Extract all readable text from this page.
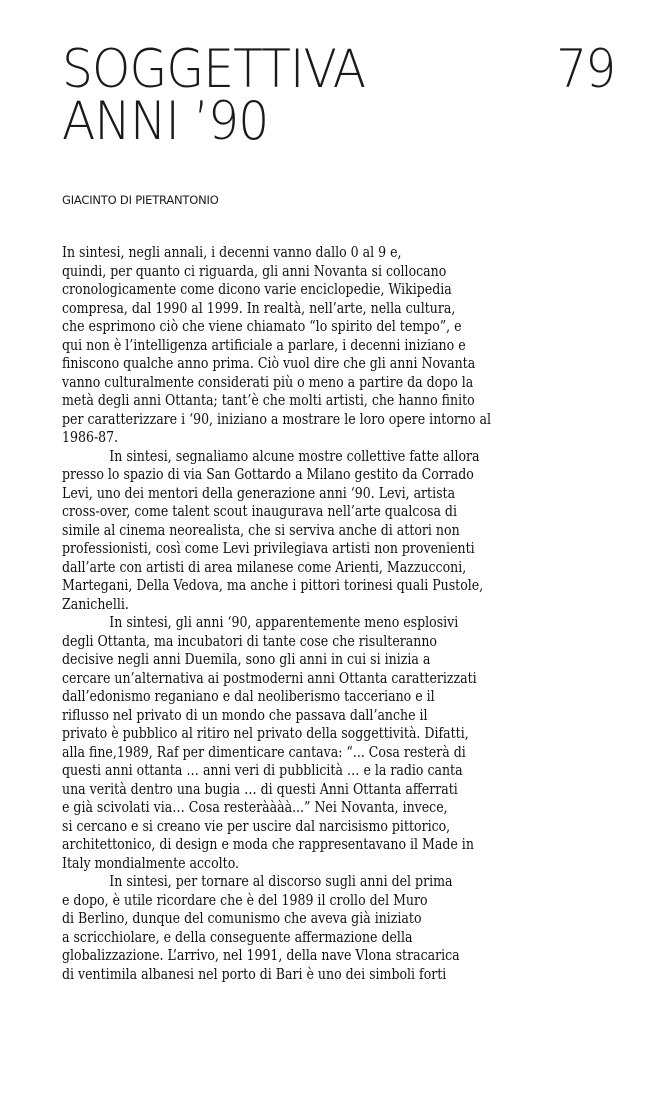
SOGGETTIVA
ANNI ’90
79
GIACINTO DI PIETRANTONIO
In sintesi, negli annali, i decenni vanno dallo 0 al 9 e,
quindi, per quanto ci riguarda, gli anni Novanta si collocano
cronologicamente come dicono varie enciclopedie, Wikipedia
compresa, dal 1990 al 1999. In realtà, nell’arte, nella cultura,
che esprimono ciò che viene chiamato “lo spirito del tempo”, e
qui non è l’intelligenza artificiale a parlare, i decenni iniziano e
finiscono qualche anno prima. Ciò vuol dire che gli anni Novanta
vanno culturalmente considerati più o meno a partire da dopo la
metà degli anni Ottanta; tant’è che molti artisti, che hanno finito
per caratterizzare i ‘90, iniziano a mostrare le loro opere intorno al
1986-87.
In sintesi, segnaliamo alcune mostre collettive fatte allora
presso lo spazio di via San Gottardo a Milano gestito da Corrado
Levi, uno dei mentori della generazione anni ‘90. Levi, artista
cross-over, come talent scout inaugurava nell’arte qualcosa di
simile al cinema neorealista, che si serviva anche di attori non
professionisti, così come Levi privilegiava artisti non provenienti
dall’arte con artisti di area milanese come Arienti, Mazzucconi,
Martegani, Della Vedova, ma anche i pittori torinesi quali Pustole,
Zanichelli.
In sintesi, gli anni ‘90, apparentemente meno esplosivi
degli Ottanta, ma incubatori di tante cose che risulteranno
decisive negli anni Duemila, sono gli anni in cui si inizia a
cercare un’alternativa ai postmoderni anni Ottanta caratterizzati
dall’edonismo reganiano e dal neoliberismo tacceriano e il
riflusso nel privato di un mondo che passava dall’anche il
privato è pubblico al ritiro nel privato della soggettività. Difatti,
alla fine,1989, Raf per dimenticare cantava: “... Cosa resterà di
questi anni ottanta … anni veri di pubblicità … e la radio canta
una verità dentro una bugia … di questi Anni Ottanta afferrati
e già scivolati via… Cosa resteràààà...” Nei Novanta, invece,
si cercano e si creano vie per uscire dal narcisismo pittorico,
architettonico, di design e moda che rappresentavano il Made in
Italy mondialmente accolto.
In sintesi, per tornare al discorso sugli anni del prima
e dopo, è utile ricordare che è del 1989 il crollo del Muro
di Berlino, dunque del comunismo che aveva già iniziato
a scricchiolare, e della conseguente affermazione della
globalizzazione. L’arrivo, nel 1991, della nave Vlona stracarica
di ventimila albanesi nel porto di Bari è uno dei simboli forti
